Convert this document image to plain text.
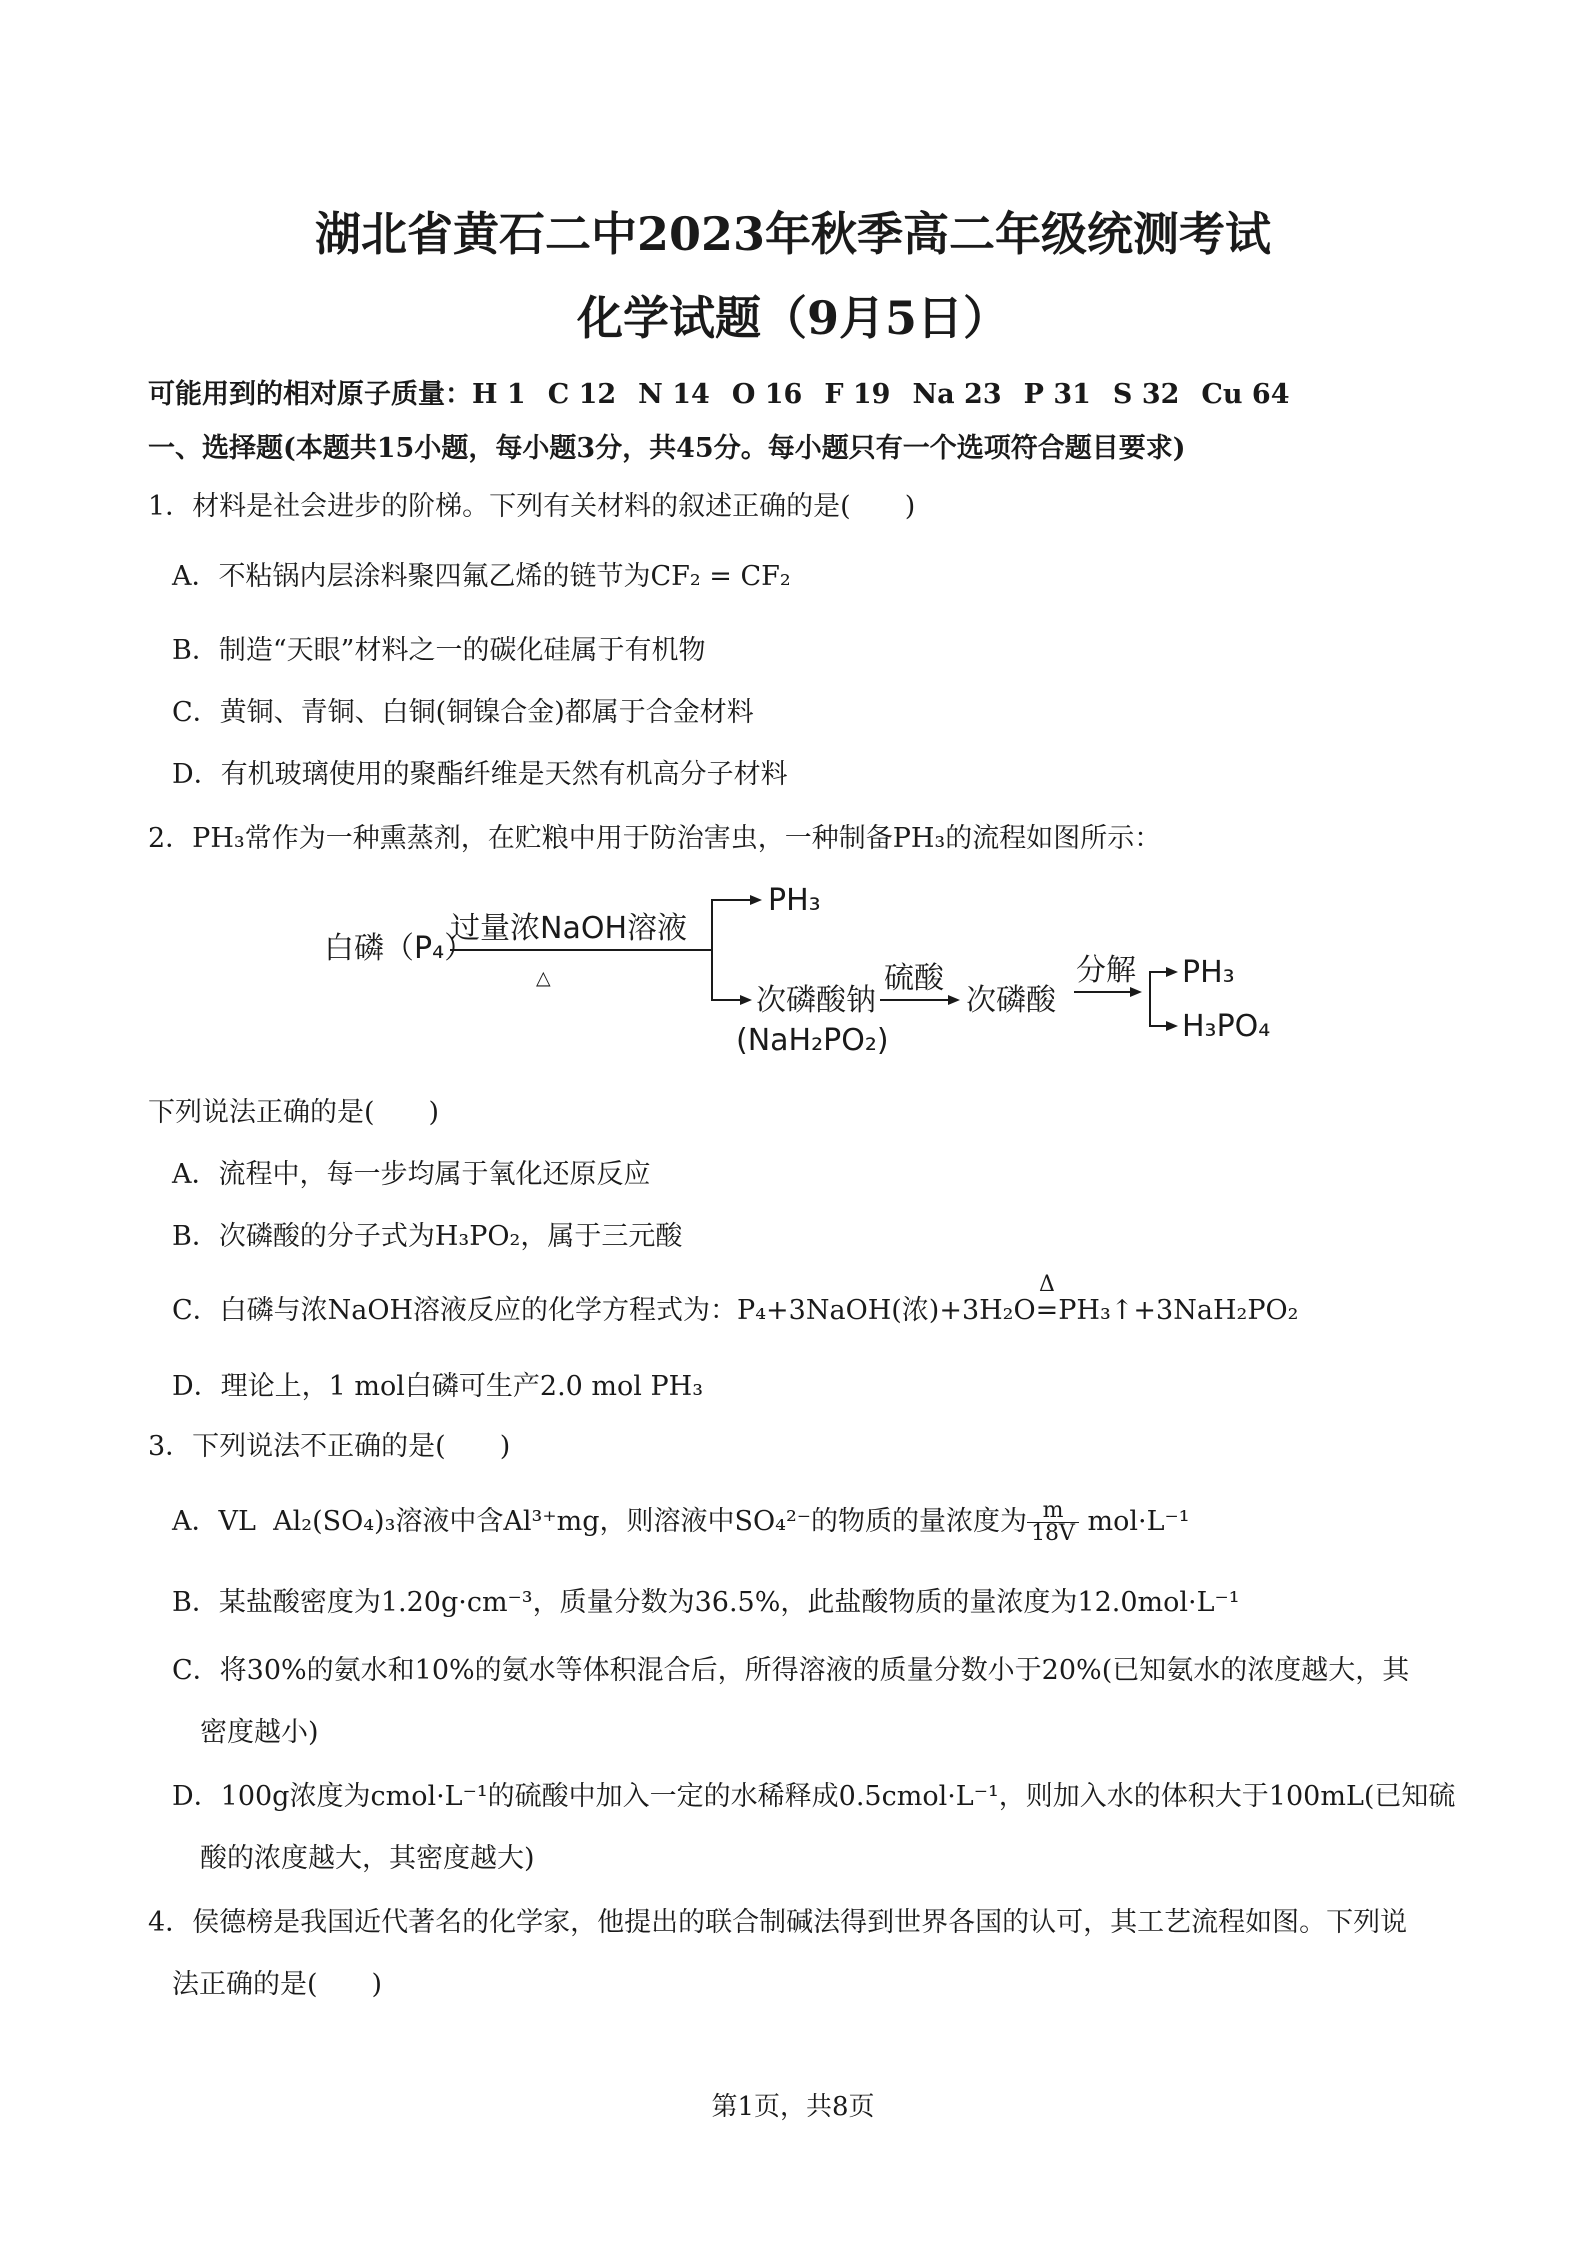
湖北省黄石二中2023年秋季高二年级统测考试
化学试题（9月5日）
可能用到的相对原子质量：H 1 C 12 N 14 O 16 F 19 Na 23 P 31 S 32 Cu 64
一、选择题(本题共15小题，每小题3分，共45分。每小题只有一个选项符合题目要求)
1．材料是社会进步的阶梯。下列有关材料的叙述正确的是(　　)
A．不粘锅内层涂料聚四氟乙烯的链节为CF₂ = CF₂
B．制造“天眼”材料之一的碳化硅属于有机物
C．黄铜、青铜、白铜(铜镍合金)都属于合金材料
D．有机玻璃使用的聚酯纤维是天然有机高分子材料
2．PH₃常作为一种熏蒸剂，在贮粮中用于防治害虫，一种制备PH₃的流程如图所示：
白磷（P₄）
过量浓NaOH溶液
△
PH₃
次磷酸钠
(NaH₂PO₂)
硫酸
次磷酸
分解 PH₃
H₃PO₄
下列说法正确的是(　　)
A．流程中，每一步均属于氧化还原反应
B．次磷酸的分子式为H₃PO₂，属于三元酸
C．白磷与浓NaOH溶液反应的化学方程式为：P₄+3NaOH(浓)+3H₂O
Δ
=PH₃↑+3NaH₂PO₂
D．理论上，1 mol白磷可生产2.0 mol PH₃
3．下列说法不正确的是(　　)
A．VL Al₂(SO₄)₃溶液中含Al³⁺mg，则溶液中SO₄²⁻的物质的量浓度为 $\frac{m}{18V} mol\cdot L^{-1}$
B．某盐酸密度为1.20g·cm⁻³，质量分数为36.5%，此盐酸物质的量浓度为12.0mol·L⁻¹
C．将30%的氨水和10%的氨水等体积混合后，所得溶液的质量分数小于20%(已知氨水的浓度越大，其
密度越小)
D．100g浓度为cmol·L⁻¹的硫酸中加入一定的水稀释成0.5cmol·L⁻¹，则加入水的体积大于100mL(已知硫
酸的浓度越大，其密度越大)
4．侯德榜是我国近代著名的化学家，他提出的联合制碱法得到世界各国的认可，其工艺流程如图。下列说
法正确的是(　　)
第1页，共8页
